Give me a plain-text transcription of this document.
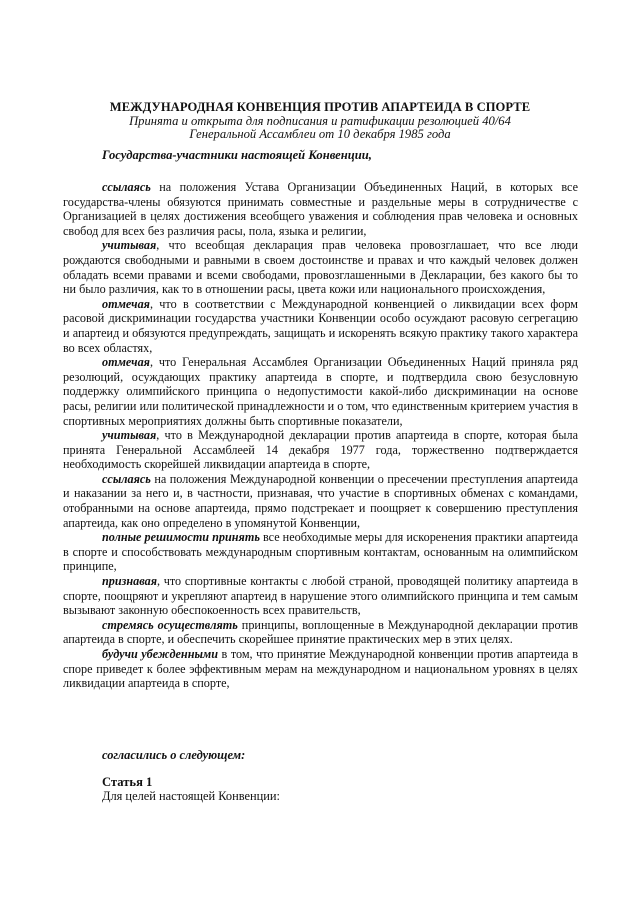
МЕЖДУНАРОДНАЯ КОНВЕНЦИЯ ПРОТИВ АПАРТЕИДА В СПОРТЕ
Принята и открыта для подписания и ратификации резолюцией 40/64
Генеральной Ассамблеи от 10 декабря 1985 года
Государства-участники настоящей Конвенции,

ссылаясь на положения Устава Организации Объединенных Наций, в которых все государства-члены обязуются принимать совместные и раздельные меры в сотрудничестве с Организацией в целях достижения всеобщего уважения и соблюдения прав человека и основных свобод для всех без различия расы, пола, языка и религии,

учитывая, что всеобщая декларация прав человека провозглашает, что все люди рождаются свободными и равными в своем достоинстве и правах и что каждый человек должен обладать всеми правами и всеми свободами, провозглашенными в Декларации, без какого бы то ни было различия, как то в отношении расы, цвета кожи или национального происхождения,

отмечая, что в соответствии с Международной конвенцией о ликвидации всех форм расовой дискриминации государства участники Конвенции особо осуждают расовую сегрегацию и апартеид и обязуются предупреждать, защищать и искоренять всякую практику такого характера во всех областях,

отмечая, что Генеральная Ассамблея Организации Объединенных Наций приняла ряд резолюций, осуждающих практику апартеида в спорте, и подтвердила свою безусловную поддержку олимпийского принципа о недопустимости какой-либо дискриминации на основе расы, религии или политической принадлежности и о том, что единственным критерием участия в спортивных мероприятиях должны быть спортивные показатели,

учитывая, что в Международной декларации против апартеида в спорте, которая была принята Генеральной Ассамблеей 14 декабря 1977 года, торжественно подтверждается необходимость скорейшей ликвидации апартеида в спорте,

ссылаясь на положения Международной конвенции о пресечении преступления апартеида и наказании за него и, в частности, признавая, что участие в спортивных обменах с командами, отобранными на основе апартеида, прямо подстрекает и поощряет к совершению преступления апартеида, как оно определено в упомянутой Конвенции,

полные решимости принять все необходимые меры для искоренения практики апартеида в спорте и способствовать международным спортивным контактам, основанным на олимпийском принципе,

признавая, что спортивные контакты с любой страной, проводящей политику апартеида в спорте, поощряют и укрепляют апартеид в нарушение этого олимпийского принципа и тем самым вызывают законную обеспокоенность всех правительств,

стремясь осуществлять принципы, воплощенные в Международной декларации против апартеида в спорте, и обеспечить скорейшее принятие практических мер в этих целях.

будучи убежденными в том, что принятие Международной конвенции против апартеида в споре приведет к более эффективным мерам на международном и национальном уровнях в целях ликвидации апартеида в спорте,

согласились о следующем:
Статья 1
Для целей настоящей Конвенции:
